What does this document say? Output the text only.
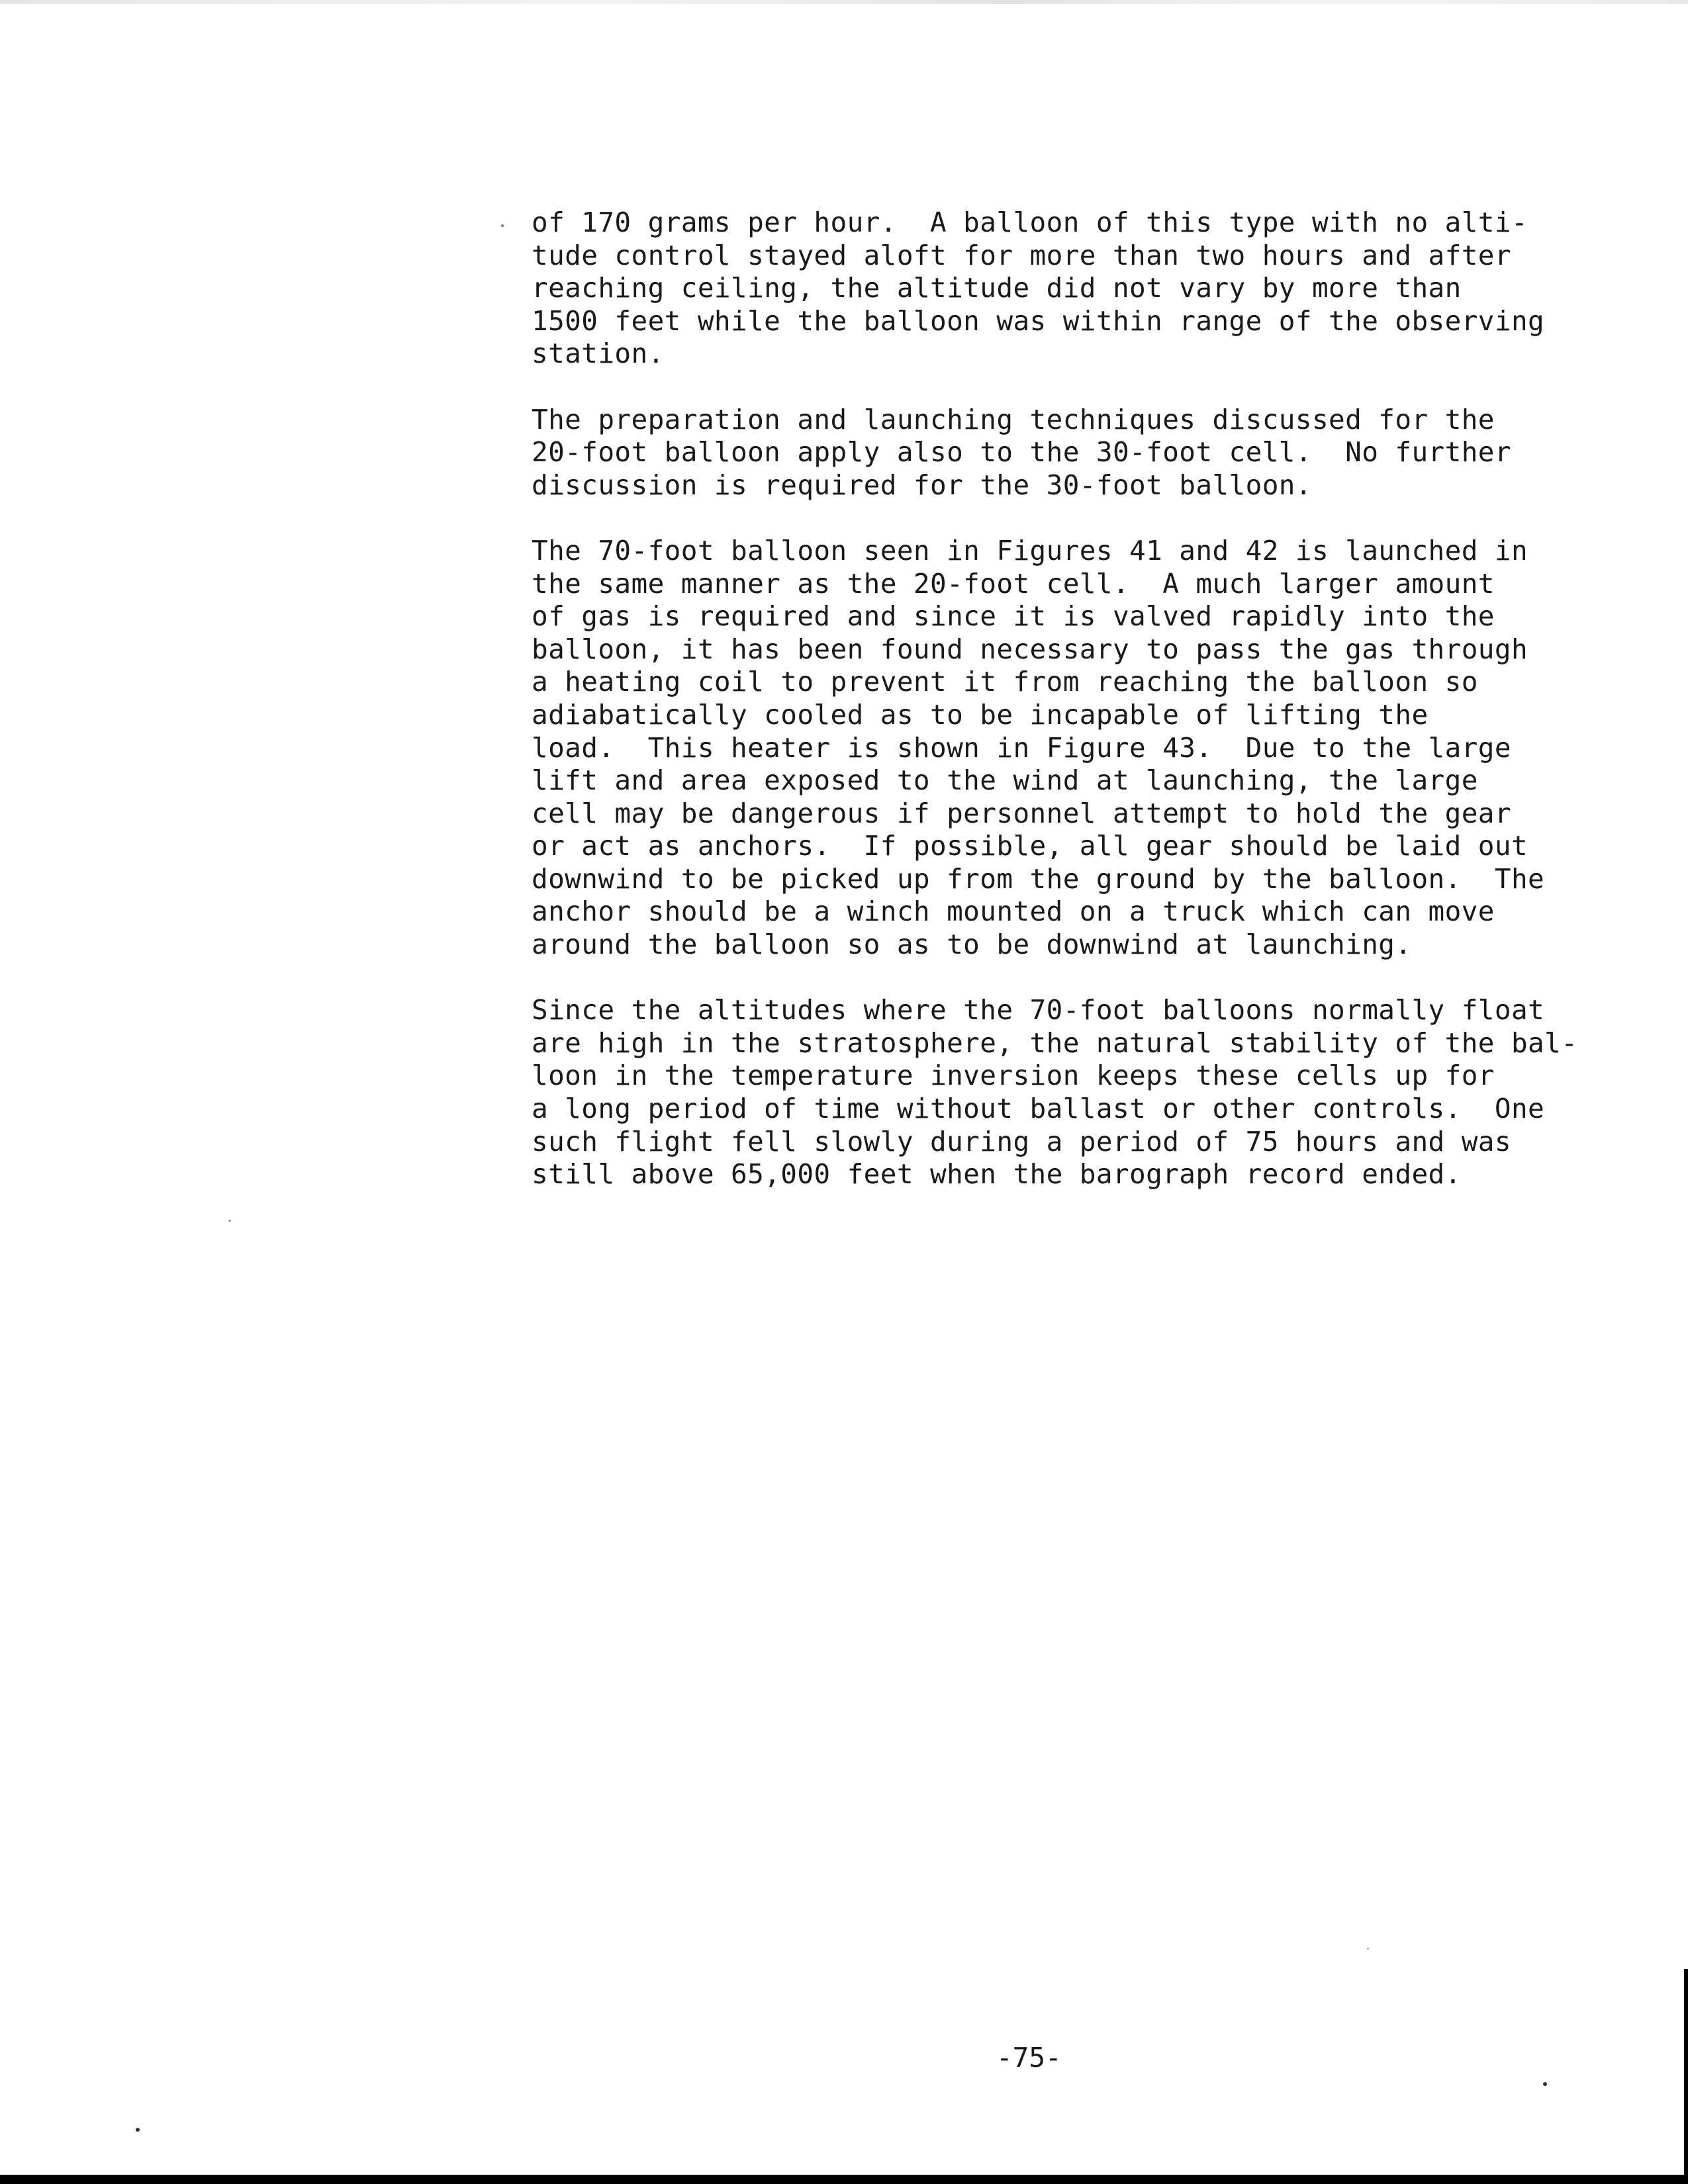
of 170 grams per hour.  A balloon of this type with no alti-
tude control stayed aloft for more than two hours and after
reaching ceiling, the altitude did not vary by more than
1500 feet while the balloon was within range of the observing
station.

The preparation and launching techniques discussed for the
20-foot balloon apply also to the 30-foot cell.  No further
discussion is required for the 30-foot balloon.

The 70-foot balloon seen in Figures 41 and 42 is launched in
the same manner as the 20-foot cell.  A much larger amount
of gas is required and since it is valved rapidly into the
balloon, it has been found necessary to pass the gas through
a heating coil to prevent it from reaching the balloon so
adiabatically cooled as to be incapable of lifting the
load.  This heater is shown in Figure 43.  Due to the large
lift and area exposed to the wind at launching, the large
cell may be dangerous if personnel attempt to hold the gear
or act as anchors.  If possible, all gear should be laid out
downwind to be picked up from the ground by the balloon.  The
anchor should be a winch mounted on a truck which can move
around the balloon so as to be downwind at launching.

Since the altitudes where the 70-foot balloons normally float
are high in the stratosphere, the natural stability of the bal-
loon in the temperature inversion keeps these cells up for
a long period of time without ballast or other controls.  One
such flight fell slowly during a period of 75 hours and was
still above 65,000 feet when the barograph record ended.

-75-
